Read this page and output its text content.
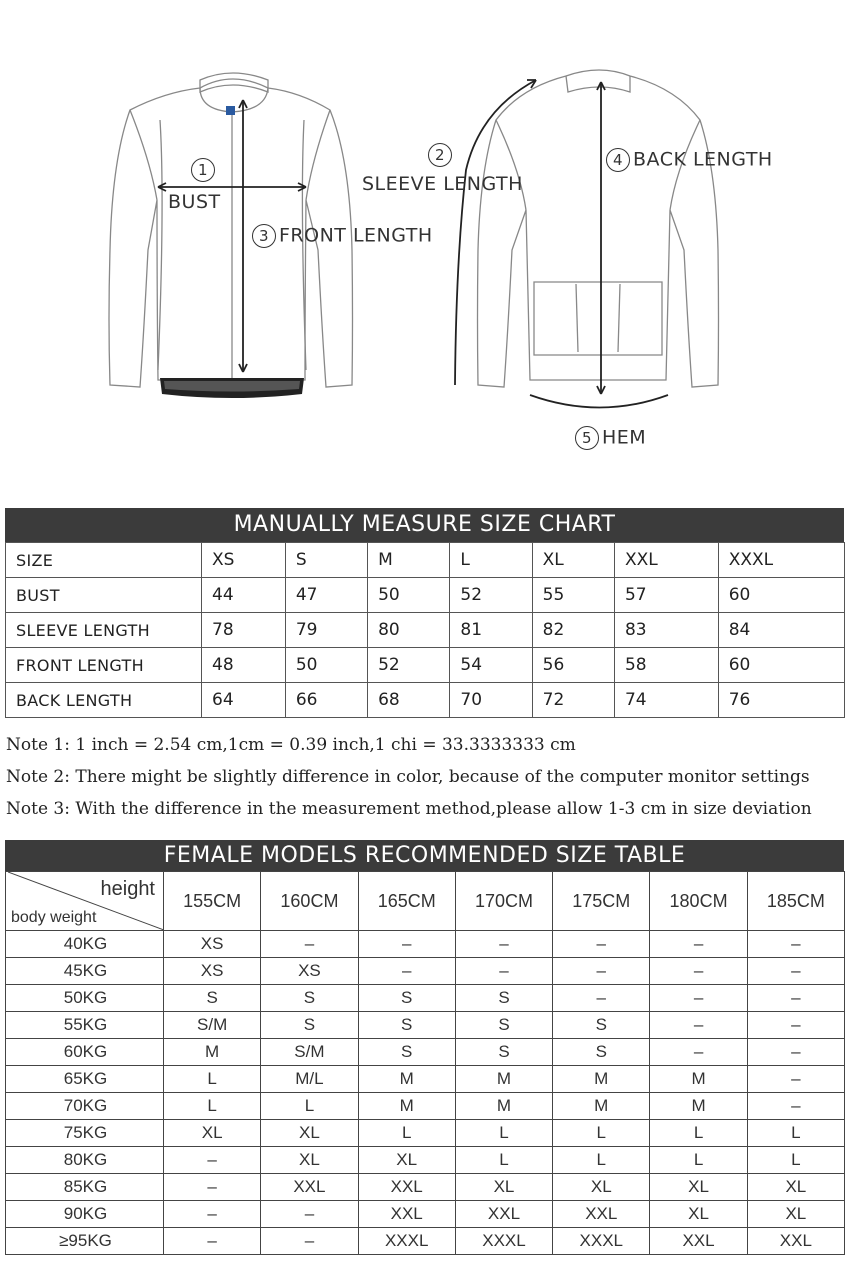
1
BUST
2
SLEEVE LENGTH
3 FRONT LENGTH
4 BACK LENGTH
5 HEM
MANUALLY MEASURE SIZE CHART
SIZE	XS	S	M	L	XL	XXL	XXXL
BUST	44	47	50	52	55	57	60
SLEEVE LENGTH	78	79	80	81	82	83	84
FRONT LENGTH	48	50	52	54	56	58	60
BACK LENGTH	64	66	68	70	72	74	76
Note 1: 1 inch = 2.54 cm,1cm = 0.39 inch,1 chi = 33.3333333 cm
Note 2: There might be slightly difference in color, because of the computer monitor settings
Note 3: With the difference in the measurement method,please allow 1-3 cm in size deviation
FEMALE MODELS RECOMMENDED SIZE TABLE
height
body weight	155CM	160CM	165CM	170CM	175CM	180CM	185CM
40KG	XS	–	–	–	–	–	–
45KG	XS	XS	–	–	–	–	–
50KG	S	S	S	S	–	–	–
55KG	S/M	S	S	S	S	–	–
60KG	M	S/M	S	S	S	–	–
65KG	L	M/L	M	M	M	M	–
70KG	L	L	M	M	M	M	–
75KG	XL	XL	L	L	L	L	L
80KG	–	XL	XL	L	L	L	L
85KG	–	XXL	XXL	XL	XL	XL	XL
90KG	–	–	XXL	XXL	XXL	XL	XL
≥95KG	–	–	XXXL	XXXL	XXXL	XXL	XXL
